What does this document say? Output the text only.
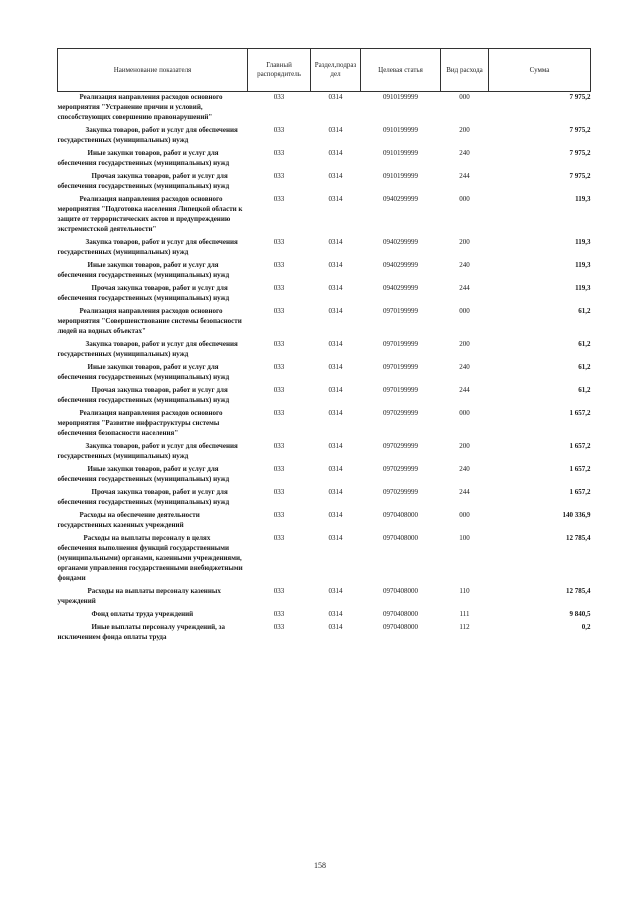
Наименование показателя	Главный распорядитель	Раздел,подраз дел	Целевая статья	Вид расхода	Сумма
Реализация направления расходов основного мероприятия "Устранение причин и условий, способствующих совершению правонарушений"	033	0314	0910199999	000	7 975,2
Закупка товаров, работ и услуг для обеспечения государственных (муниципальных) нужд	033	0314	0910199999	200	7 975,2
Иные закупки товаров, работ и услуг для обеспечения государственных (муниципальных) нужд	033	0314	0910199999	240	7 975,2
Прочая закупка товаров, работ и услуг для обеспечения государственных (муниципальных) нужд	033	0314	0910199999	244	7 975,2
Реализация направления расходов основного мероприятия "Подготовка населения Липецкой области к защите от террористических актов и предупреждению экстремистской деятельности"	033	0314	0940299999	000	119,3
Закупка товаров, работ и услуг для обеспечения государственных (муниципальных) нужд	033	0314	0940299999	200	119,3
Иные закупки товаров, работ и услуг для обеспечения государственных (муниципальных) нужд	033	0314	0940299999	240	119,3
Прочая закупка товаров, работ и услуг для обеспечения государственных (муниципальных) нужд	033	0314	0940299999	244	119,3
Реализация направления расходов основного мероприятия "Совершенствование системы безопасности людей на водных объектах"	033	0314	0970199999	000	61,2
Закупка товаров, работ и услуг для обеспечения государственных (муниципальных) нужд	033	0314	0970199999	200	61,2
Иные закупки товаров, работ и услуг для обеспечения государственных (муниципальных) нужд	033	0314	0970199999	240	61,2
Прочая закупка товаров, работ и услуг для обеспечения государственных (муниципальных) нужд	033	0314	0970199999	244	61,2
Реализация направления расходов основного мероприятия "Развитие инфраструктуры системы обеспечения безопасности населения"	033	0314	0970299999	000	1 657,2
Закупка товаров, работ и услуг для обеспечения государственных (муниципальных) нужд	033	0314	0970299999	200	1 657,2
Иные закупки товаров, работ и услуг для обеспечения государственных (муниципальных) нужд	033	0314	0970299999	240	1 657,2
Прочая закупка товаров, работ и услуг для обеспечения государственных (муниципальных) нужд	033	0314	0970299999	244	1 657,2
Расходы на обеспечение деятельности государственных казенных учреждений	033	0314	0970408000	000	140 336,9
Расходы на выплаты персоналу в целях обеспечения выполнения функций государственными (муниципальными) органами, казенными учреждениями, органами управления государственными внебюджетными фондами	033	0314	0970408000	100	12 785,4
Расходы на выплаты персоналу казенных учреждений	033	0314	0970408000	110	12 785,4
Фонд оплаты труда учреждений	033	0314	0970408000	111	9 840,5
Иные выплаты персоналу учреждений, за исключением фонда оплаты труда	033	0314	0970408000	112	0,2
158
